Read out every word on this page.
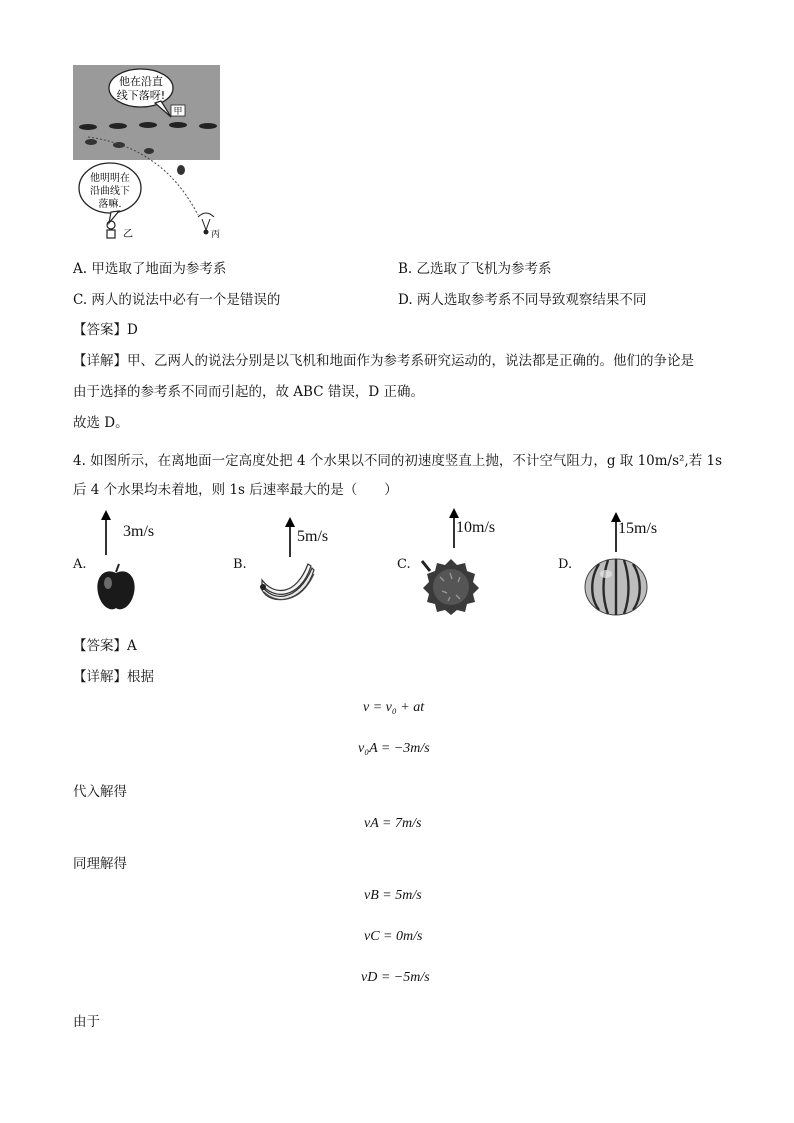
他在沿直
线下落呀!
甲
他明明在
沿曲线下
落嘛.
乙	丙
A. 甲选取了地面为参考系	B. 乙选取了飞机为参考系
C. 两人的说法中必有一个是错误的	D. 两人选取参考系不同导致观察结果不同
【答案】D
【详解】甲、乙两人的说法分别是以飞机和地面作为参考系研究运动的，说法都是正确的。他们的争论是
由于选择的参考系不同而引起的，故 ABC 错误，D 正确。
故选 D。
4. 如图所示，在离地面一定高度处把 4 个水果以不同的初速度竖直上抛，不计空气阻力，g 取 10m/s²,若 1s
后 4 个水果均未着地，则 1s 后速率最大的是（　　）
3m/s
A.
5m/s
B.
10m/s
C.
15m/s
D.
【答案】A
【详解】根据
v = v₀ + at
v₀A = −3m/s
代入解得
vA = 7m/s
同理解得
vB = 5m/s
vC = 0m/s
vD = −5m/s
由于
